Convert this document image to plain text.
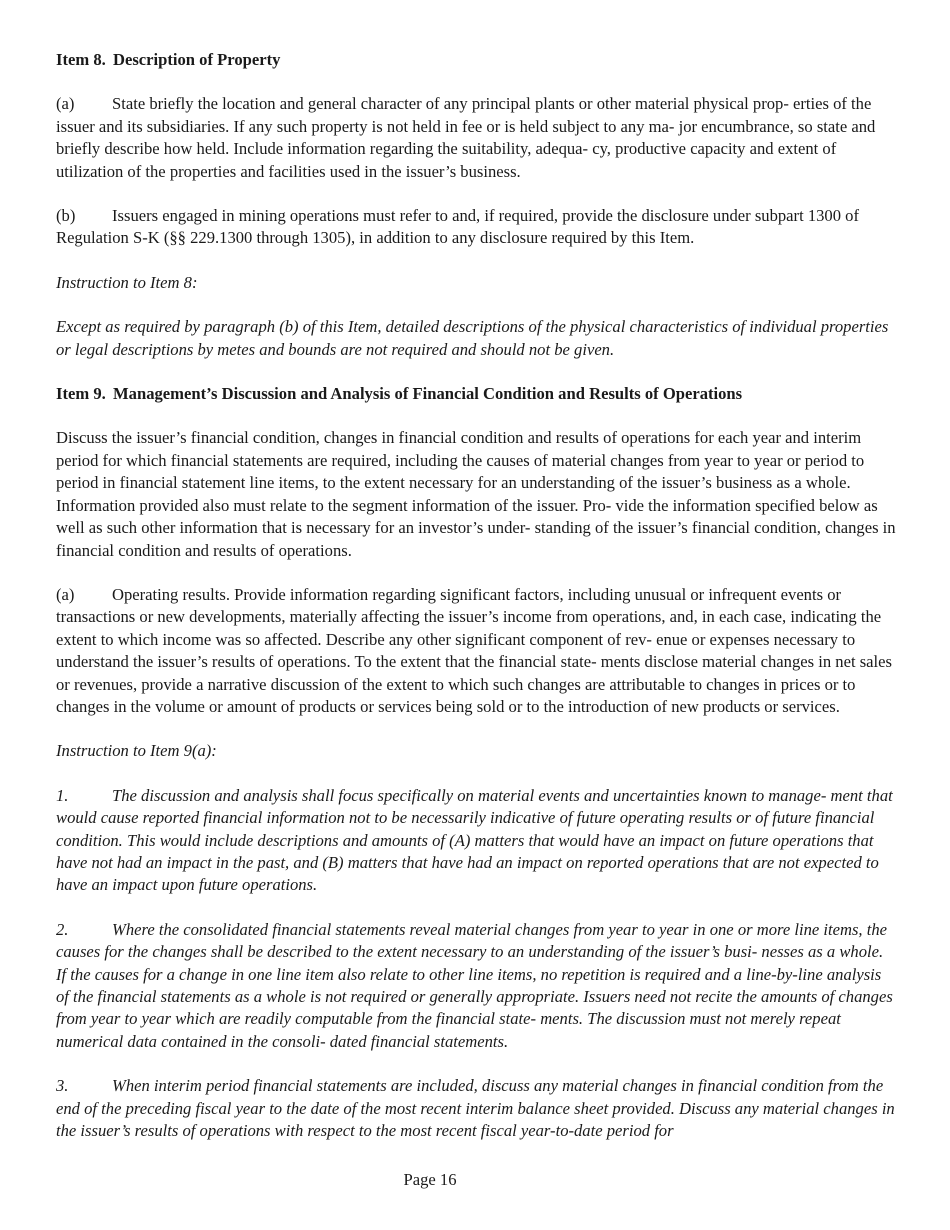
Item 8. Description of Property

(a) State briefly the location and general character of any principal plants or other material physical prop- erties of the issuer and its subsidiaries. If any such property is not held in fee or is held subject to any ma- jor encumbrance, so state and briefly describe how held. Include information regarding the suitability, adequa- cy, productive capacity and extent of utilization of the properties and facilities used in the issuer’s business.

(b) Issuers engaged in mining operations must refer to and, if required, provide the disclosure under subpart 1300 of Regulation S-K (§§ 229.1300 through 1305), in addition to any disclosure required by this Item.

Instruction to Item 8:

Except as required by paragraph (b) of this Item, detailed descriptions of the physical characteristics of individual properties or legal descriptions by metes and bounds are not required and should not be given.

Item 9. Management’s Discussion and Analysis of Financial Condition and Results of Operations

Discuss the issuer’s financial condition, changes in financial condition and results of operations for each year and interim period for which financial statements are required, including the causes of material changes from year to year or period to period in financial statement line items, to the extent necessary for an understanding of the issuer’s business as a whole. Information provided also must relate to the segment information of the issuer. Pro- vide the information specified below as well as such other information that is necessary for an investor’s under- standing of the issuer’s financial condition, changes in financial condition and results of operations.

(a) Operating results. Provide information regarding significant factors, including unusual or infrequent events or transactions or new developments, materially affecting the issuer’s income from operations, and, in each case, indicating the extent to which income was so affected. Describe any other significant component of rev- enue or expenses necessary to understand the issuer’s results of operations. To the extent that the financial state- ments disclose material changes in net sales or revenues, provide a narrative discussion of the extent to which such changes are attributable to changes in prices or to changes in the volume or amount of products or services being sold or to the introduction of new products or services.

Instruction to Item 9(a):

1.	The discussion and analysis shall focus specifically on material events and uncertainties known to manage- ment that would cause reported financial information not to be necessarily indicative of future operating results or of future financial condition. This would include descriptions and amounts of (A) matters that would have an impact on future operations that have not had an impact in the past, and (B) matters that have had an impact on reported operations that are not expected to have an impact upon future operations.

2.	Where the consolidated financial statements reveal material changes from year to year in one or more line items, the causes for the changes shall be described to the extent necessary to an understanding of the issuer’s busi- nesses as a whole. If the causes for a change in one line item also relate to other line items, no repetition is required and a line-by-line analysis of the financial statements as a whole is not required or generally appropriate. Issuers need not recite the amounts of changes from year to year which are readily computable from the financial state- ments. The discussion must not merely repeat numerical data contained in the consoli- dated financial statements.

3.	When interim period financial statements are included, discuss any material changes in financial condition from the end of the preceding fiscal year to the date of the most recent interim balance sheet provided. Discuss any material changes in the issuer’s results of operations with respect to the most recent fiscal year-to-date period for

Page 16
